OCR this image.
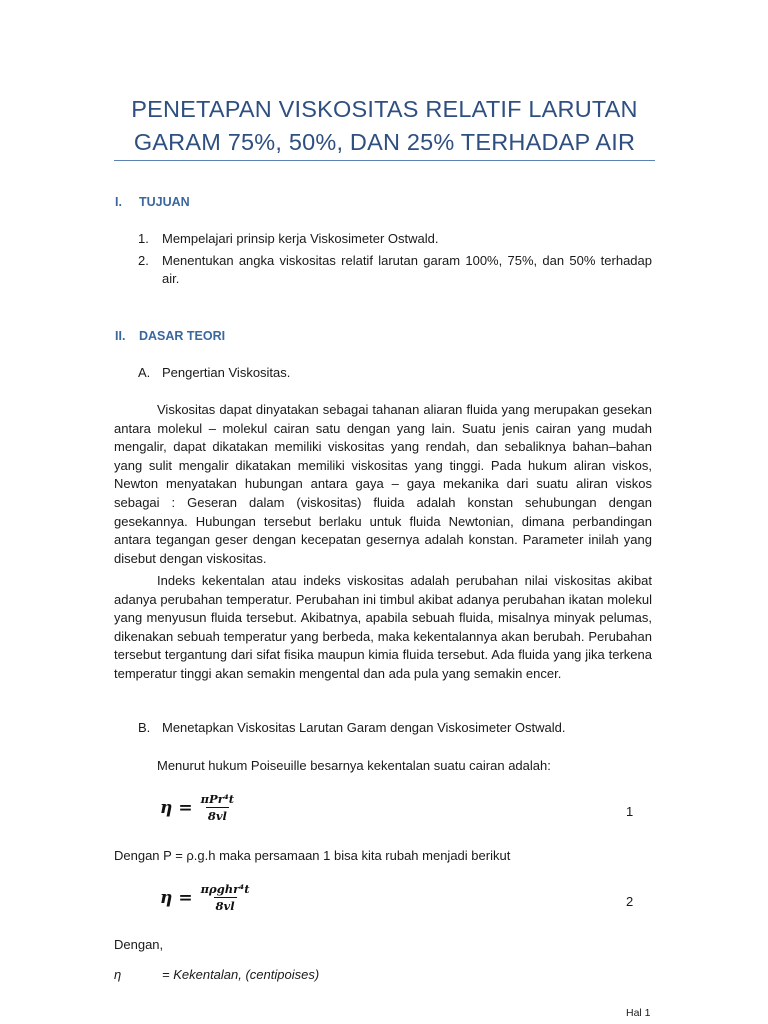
PENETAPAN VISKOSITAS RELATIF LARUTAN
GARAM 75%, 50%, DAN 25% TERHADAP AIR
I. TUJUAN
1. Mempelajari prinsip kerja Viskosimeter Ostwald.
2. Menentukan angka viskositas relatif larutan garam 100%, 75%, dan 50% terhadap air.
II. DASAR TEORI
A. Pengertian Viskositas.

Viskositas dapat dinyatakan sebagai tahanan aliaran fluida yang merupakan gesekan antara molekul – molekul cairan satu dengan yang lain. Suatu jenis cairan yang mudah mengalir, dapat dikatakan memiliki viskositas yang rendah, dan sebaliknya bahan–bahan yang sulit mengalir dikatakan memiliki viskositas yang tinggi. Pada hukum aliran viskos, Newton menyatakan hubungan antara gaya – gaya mekanika dari suatu aliran viskos sebagai : Geseran dalam (viskositas) fluida adalah konstan sehubungan dengan gesekannya. Hubungan tersebut berlaku untuk fluida Newtonian, dimana perbandingan antara tegangan geser dengan kecepatan gesernya adalah konstan. Parameter inilah yang disebut dengan viskositas.

Indeks kekentalan atau indeks viskositas adalah perubahan nilai viskositas akibat adanya perubahan temperatur. Perubahan ini timbul akibat adanya perubahan ikatan molekul yang menyusun fluida tersebut. Akibatnya, apabila sebuah fluida, misalnya minyak pelumas, dikenakan sebuah temperatur yang berbeda, maka kekentalannya akan berubah. Perubahan tersebut tergantung dari sifat fisika maupun kimia fluida tersebut. Ada fluida yang jika terkena temperatur tinggi akan semakin mengental dan ada pula yang semakin encer.

B. Menetapkan Viskositas Larutan Garam dengan Viskosimeter Ostwald.
Menurut hukum Poiseuille besarnya kekentalan suatu cairan adalah:
$\eta = \frac{\text{πPr⁴t}}{8vl}$	1
Dengan P = ρ.g.h maka persamaan 1 bisa kita rubah menjadi berikut
$\eta = \frac{\text{πρghr⁴t}}{8vl}$	2
Dengan,
η	= Kekentalan, (centipoises)
Hal 1
